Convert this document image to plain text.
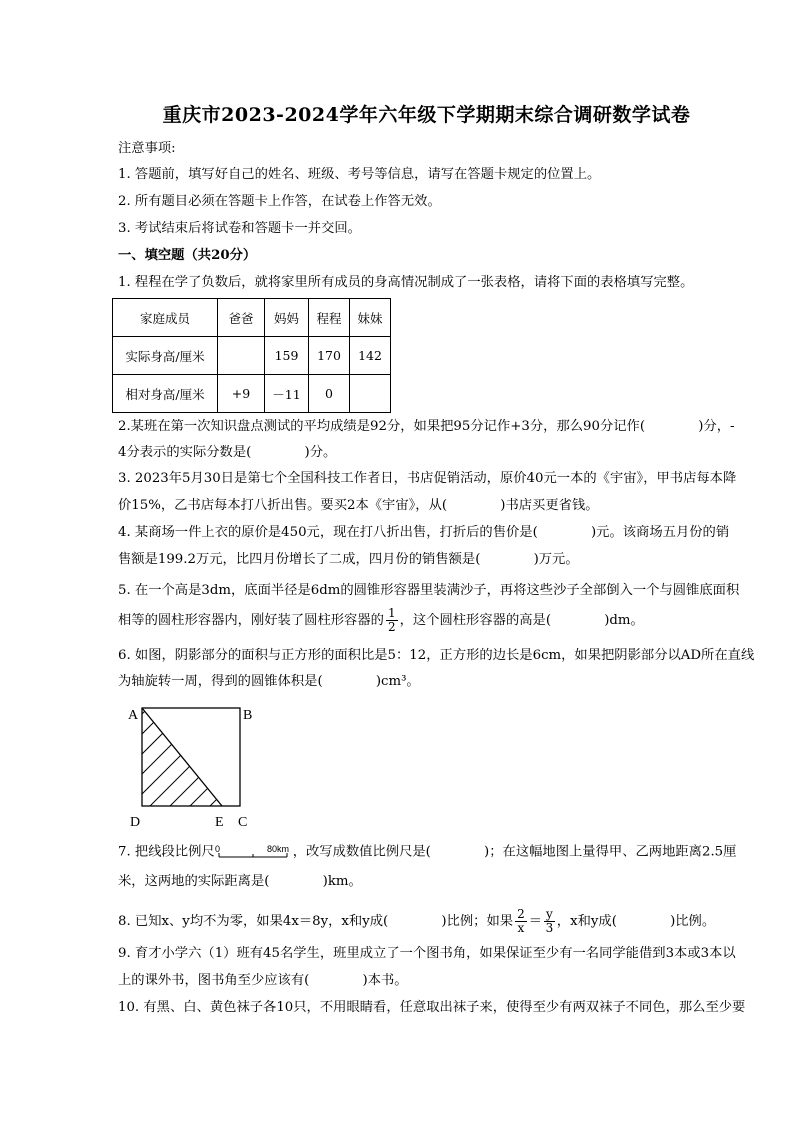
重庆市2023-2024学年六年级下学期期末综合调研数学试卷
注意事项:
1. 答题前，填写好自己的姓名、班级、考号等信息，请写在答题卡规定的位置上。
2. 所有题目必须在答题卡上作答，在试卷上作答无效。
3. 考试结束后将试卷和答题卡一并交回。
一、填空题（共20分）
1. 程程在学了负数后，就将家里所有成员的身高情况制成了一张表格，请将下面的表格填写完整。
家庭成员	爸爸	妈妈	程程	妹妹
实际身高/厘米		159	170	142
相对身高/厘米	+9	－11	0	
2.某班在第一次知识盘点测试的平均成绩是92分，如果把95分记作+3分，那么90分记作(　　　　)分，-
4分表示的实际分数是(　　　　)分。
3. 2023年5月30日是第七个全国科技工作者日，书店促销活动，原价40元一本的《宇宙》，甲书店每本降
价15%，乙书店每本打八折出售。要买2本《宇宙》，从(　　　　)书店买更省钱。
4. 某商场一件上衣的原价是450元，现在打八折出售，打折后的售价是(　　　　)元。该商场五月份的销
售额是199.2万元，比四月份增长了二成，四月份的销售额是(　　　　)万元。
5. 在一个高是3dm，底面半径是6dm的圆锥形容器里装满沙子，再将这些沙子全部倒入一个与圆锥底面积
相等的圆柱形容器内，刚好装了圆柱形容器的 $\frac{1}{2}$ ，这个圆柱形容器的高是(　　　　)dm。
6. 如图，阴影部分的面积与正方形的面积比是5：12，正方形的边长是6cm，如果把阴影部分以AD所在直线
为轴旋转一周，得到的圆锥体积是(　　　　)cm³。
A	B
D	E C
7. 把线段比例尺 0	80km ，改写成数值比例尺是(　　　　)；在这幅地图上量得甲、乙两地距离2.5厘
米，这两地的实际距离是(　　　　)km。
8. 已知x、y均不为零，如果4x＝8y，x和y成(　　　　)比例；如果 $\frac{2}{x} = \frac{y}{3}$ ，x和y成(　　　　)比例。
9. 育才小学六（1）班有45名学生，班里成立了一个图书角，如果保证至少有一名同学能借到3本或3本以
上的课外书，图书角至少应该有(　　　　)本书。
10. 有黑、白、黄色袜子各10只，不用眼睛看，任意取出袜子来，使得至少有两双袜子不同色，那么至少要
